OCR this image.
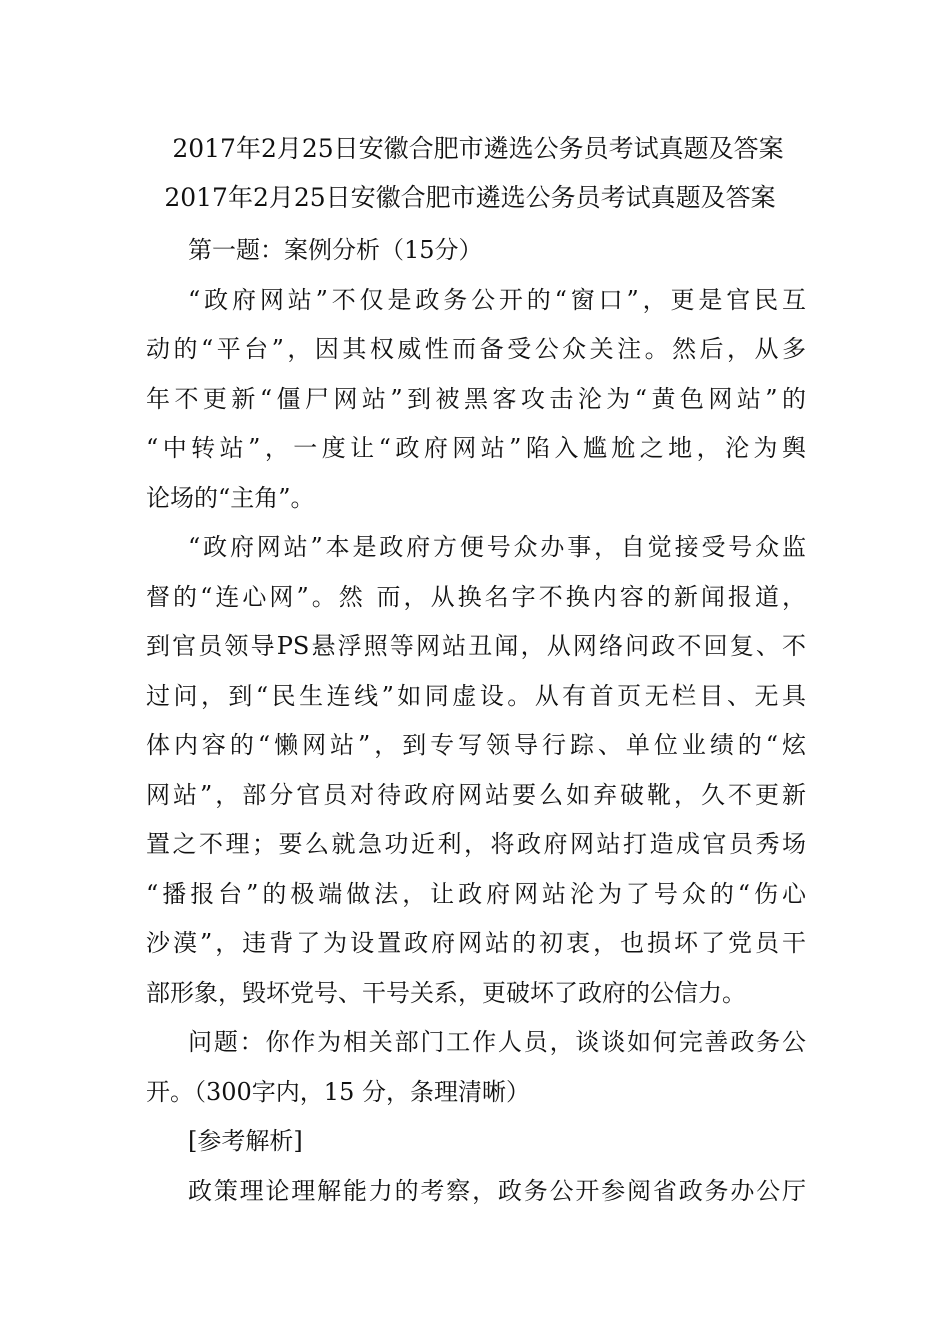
2017年2月25日安徽合肥市遴选公务员考试真题及答案
2017年2月25日安徽合肥市遴选公务员考试真题及答案
第一题：案例分析（15分）
“政府网站”不仅是政务公开的“窗口”，更是官民互
动的“平台”，因其权威性而备受公众关注。然后，从多
年不更新“僵尸网站”到被黑客攻击沦为“黄色网站”的
“中转站”，一度让“政府网站”陷入尴尬之地，沦为舆
论场的“主角”。
“政府网站”本是政府方便号众办事，自觉接受号众监
督的“连心网”。然 而，从换名字不换内容的新闻报道，
到官员领导PS悬浮照等网站丑闻，从网络问政不回复、不
过问，到“民生连线”如同虚设。从有首页无栏目、无具
体内容的“懒网站”，到专写领导行踪、单位业绩的“炫
网站”，部分官员对待政府网站要么如弃破靴，久不更新
置之不理；要么就急功近利，将政府网站打造成官员秀场
“播报台”的极端做法，让政府网站沦为了号众的“伤心
沙漠”，违背了为设置政府网站的初衷，也损坏了党员干
部形象，毁坏党号、干号关系，更破坏了政府的公信力。
问题：你作为相关部门工作人员，谈谈如何完善政务公
开。（300字内，15 分，条理清晰）
[参考解析]
政策理论理解能力的考察，政务公开参阅省政务办公厅
